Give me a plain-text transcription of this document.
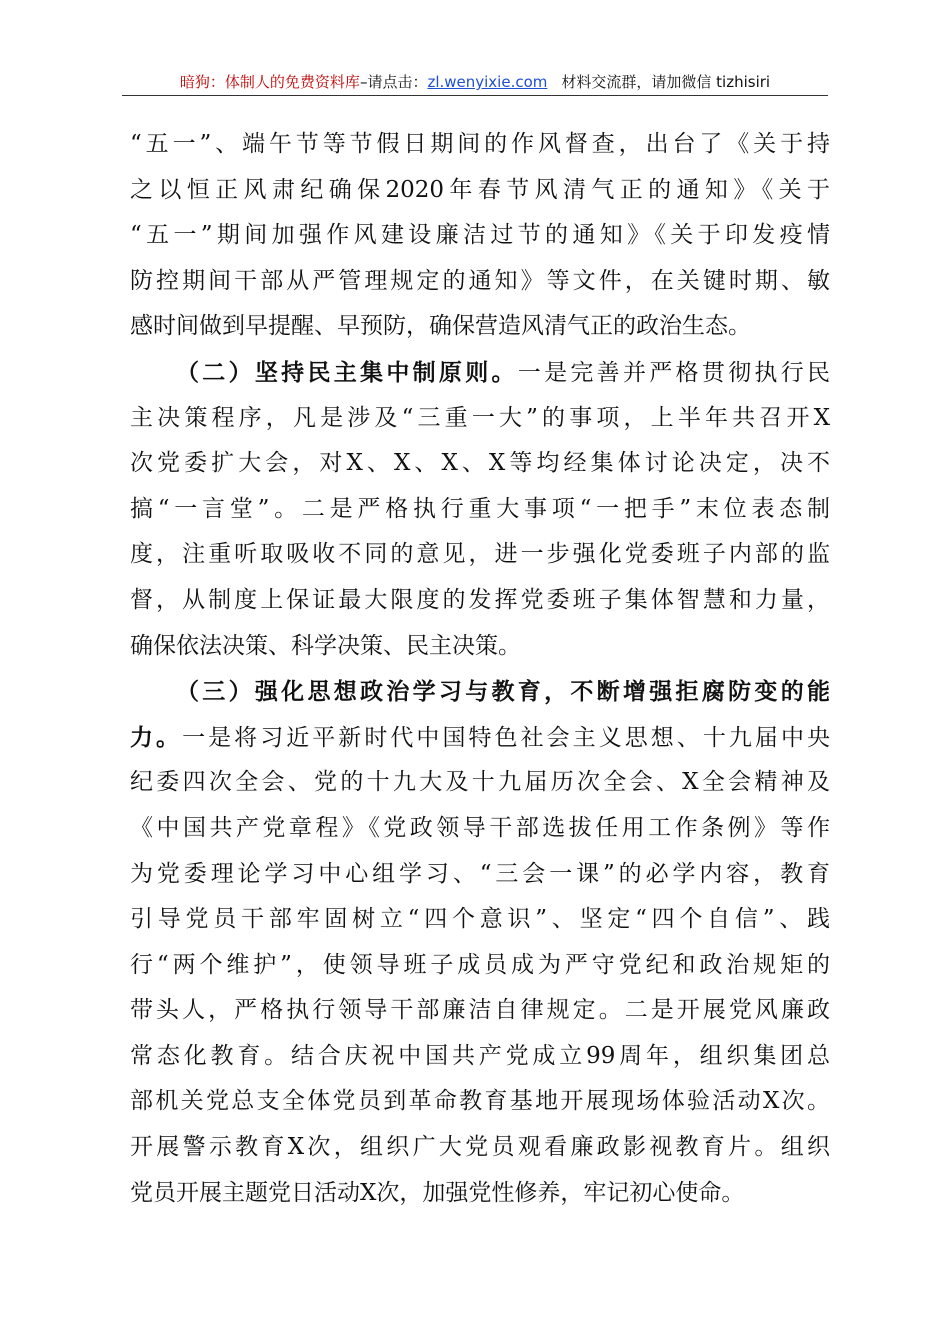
暗狗：体制人的免费资料库–请点击：zl.wenyixie.com 材料交流群，请加微信 tizhisiri
“五一”、端午节等节假日期间的作风督查，出台了《关于持
之以恒正风肃纪确保2020年春节风清气正的通知》《关于
“五一”期间加强作风建设廉洁过节的通知》《关于印发疫情
防控期间干部从严管理规定的通知》等文件，在关键时期、敏
感时间做到早提醒、早预防，确保营造风清气正的政治生态。
（二）坚持民主集中制原则。一是完善并严格贯彻执行民
主决策程序，凡是涉及“三重一大”的事项，上半年共召开X
次党委扩大会，对X、X、X、X等均经集体讨论决定，决不
搞“一言堂”。二是严格执行重大事项“一把手”末位表态制
度，注重听取吸收不同的意见，进一步强化党委班子内部的监
督，从制度上保证最大限度的发挥党委班子集体智慧和力量，
确保依法决策、科学决策、民主决策。
（三）强化思想政治学习与教育，不断增强拒腐防变的能
力。一是将习近平新时代中国特色社会主义思想、十九届中央
纪委四次全会、党的十九大及十九届历次全会、X全会精神及
《中国共产党章程》《党政领导干部选拔任用工作条例》等作
为党委理论学习中心组学习、“三会一课”的必学内容，教育
引导党员干部牢固树立“四个意识”、坚定“四个自信”、践
行“两个维护”，使领导班子成员成为严守党纪和政治规矩的
带头人，严格执行领导干部廉洁自律规定。二是开展党风廉政
常态化教育。结合庆祝中国共产党成立99周年，组织集团总
部机关党总支全体党员到革命教育基地开展现场体验活动X次。
开展警示教育X次，组织广大党员观看廉政影视教育片。组织
党员开展主题党日活动X次，加强党性修养，牢记初心使命。
